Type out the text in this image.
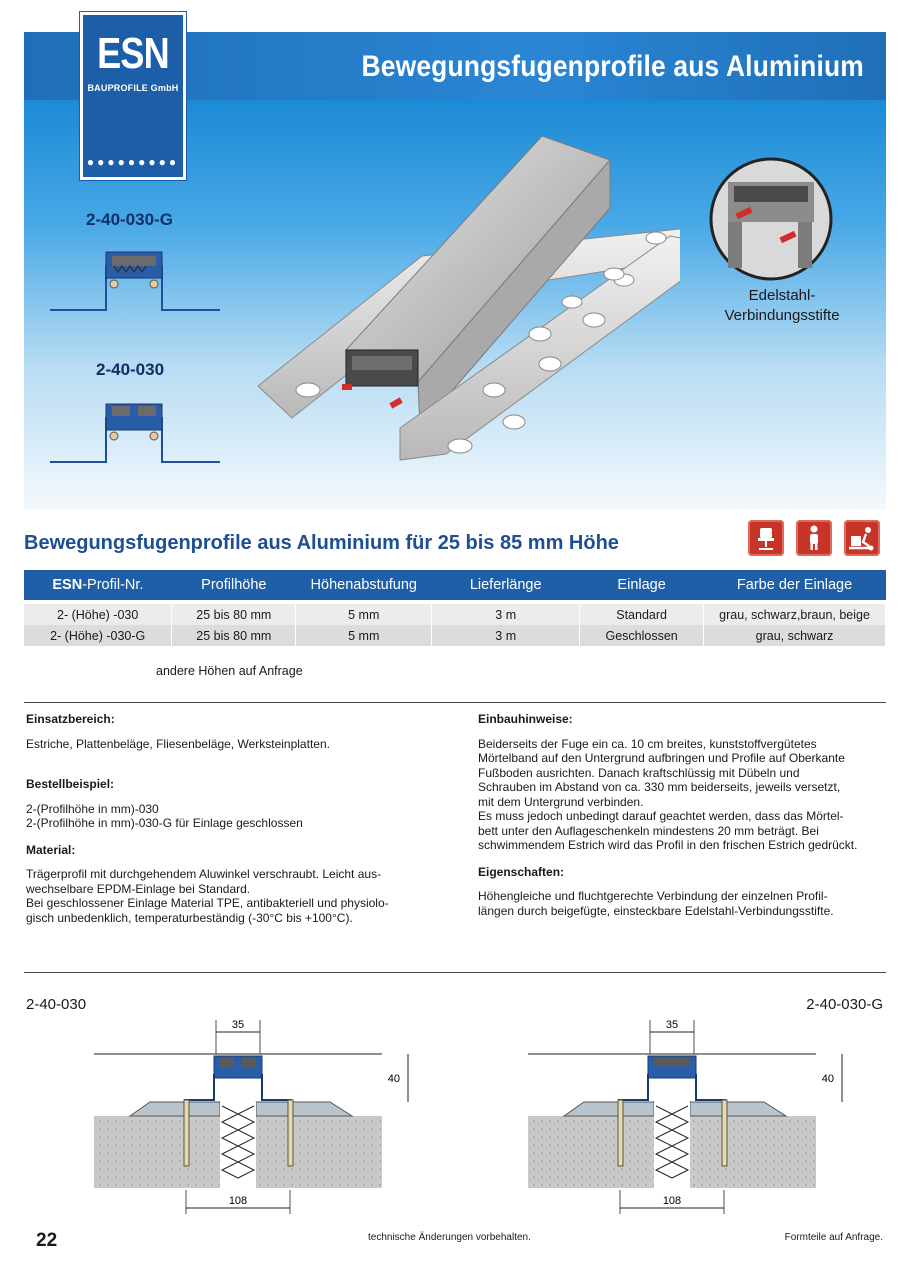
Bewegungsfugenprofile aus Aluminium
Edelstahl-
Verbindungsstifte
ESN
BAUPROFILE GmbH
●●●●●●●●●
2-40-030-G
2-40-030
Bewegungsfugenprofile aus Aluminium für 25 bis 85 mm Höhe
ESN-Profil-Nr.	Profilhöhe	Höhenabstufung	Lieferlänge	Einlage	Farbe der Einlage

2- (Höhe) -030	25 bis 80 mm	5 mm	3 m	Standard	grau, schwarz,braun, beige
2- (Höhe) -030-G	25 bis 80 mm	5 mm	3 m	Geschlossen	grau, schwarz
andere Höhen auf Anfrage
Einsatzbereich:

Estriche, Plattenbeläge, Fliesenbeläge, Werksteinplatten.

Bestellbeispiel:

2-(Profilhöhe in mm)-030

2-(Profilhöhe in mm)-030-G für Einlage geschlossen

Material:

Trägerprofil mit durchgehendem Aluwinkel verschraubt. Leicht aus-

wechselbare EPDM-Einlage bei Standard.

Bei geschlossener Einlage Material TPE, antibakteriell und physiolo-

gisch unbedenklich, temperaturbeständig (-30°C bis +100°C).

Einbauhinweise:

Beiderseits der Fuge ein ca. 10 cm breites, kunststoffvergütetes

Mörtelband auf den Untergrund aufbringen und Profile auf Oberkante

Fußboden ausrichten. Danach kraftschlüssig mit Dübeln und

Schrauben im Abstand von ca. 330 mm beiderseits, jeweils versetzt,

mit dem Untergrund verbinden.

Es muss jedoch unbedingt darauf geachtet werden, dass das Mörtel-

bett unter den Auflageschenkeln mindestens 20 mm beträgt. Bei

schwimmendem Estrich wird das Profil in den frischen Estrich gedrückt.

Eigenschaften:

Höhengleiche und fluchtgerechte Verbindung der einzelnen Profil-

längen durch beigefügte, einsteckbare Edelstahl-Verbindungsstifte.

2-40-030	2-40-030-G
35
40
108
35
40
108
22	technische Änderungen vorbehalten.	Formteile auf Anfrage.
